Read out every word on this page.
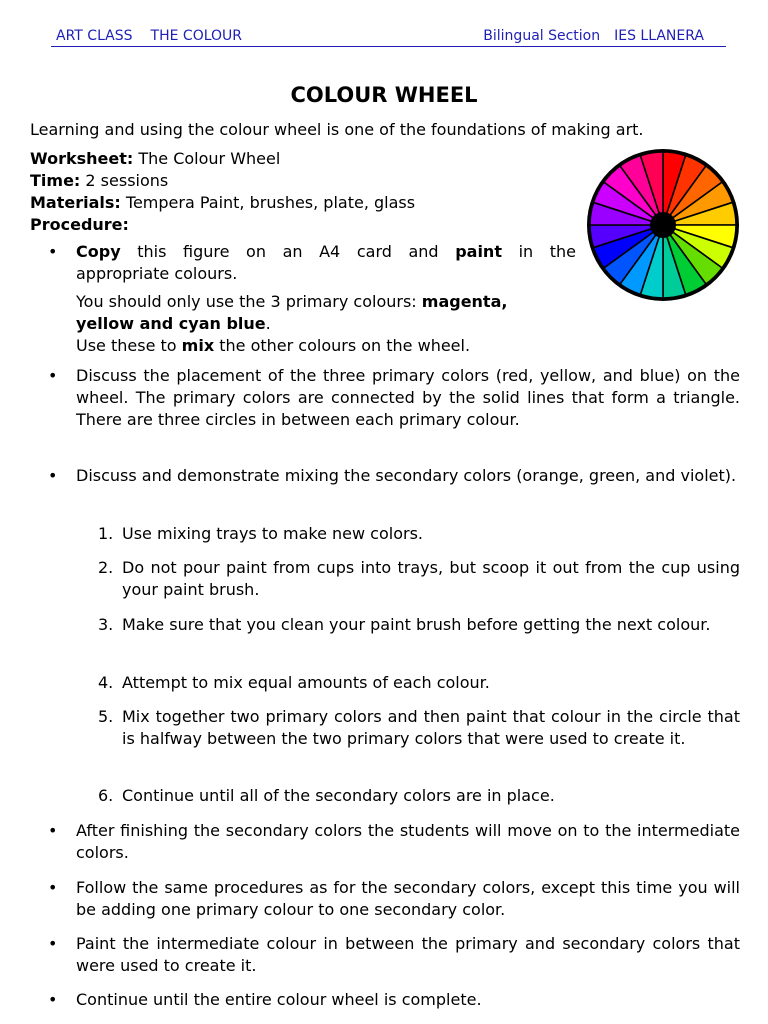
ART CLASS THE COLOUR	Bilingual Section IES LLANERA
COLOUR WHEEL
Learning and using the colour wheel is one of the foundations of making art.
Worksheet: The Colour Wheel
Time: 2 sessions
Materials: Tempera Paint, brushes, plate, glass
Procedure:
•	Copy this figure on an A4 card and paint in the
appropriate colours.
You should only use the 3 primary colours: magenta,
yellow and cyan blue.
Use these to mix the other colours on the wheel.
•	Discuss the placement of the three primary colors (red, yellow, and blue) on the wheel. The primary colors are connected by the solid lines that form a triangle. There are three circles in between each primary colour.
•	Discuss and demonstrate mixing the secondary colors (orange, green, and violet).
1. Use mixing trays to make new colors.
2. Do not pour paint from cups into trays, but scoop it out from the cup using your paint brush.
3. Make sure that you clean your paint brush before getting the next colour.
4. Attempt to mix equal amounts of each colour.
5. Mix together two primary colors and then paint that colour in the circle that is halfway between the two primary colors that were used to create it.
6. Continue until all of the secondary colors are in place.
•	After finishing the secondary colors the students will move on to the intermediate colors.
•	Follow the same procedures as for the secondary colors, except this time you will be adding one primary colour to one secondary color.
•	Paint the intermediate colour in between the primary and secondary colors that were used to create it.
•	Continue until the entire colour wheel is complete.
